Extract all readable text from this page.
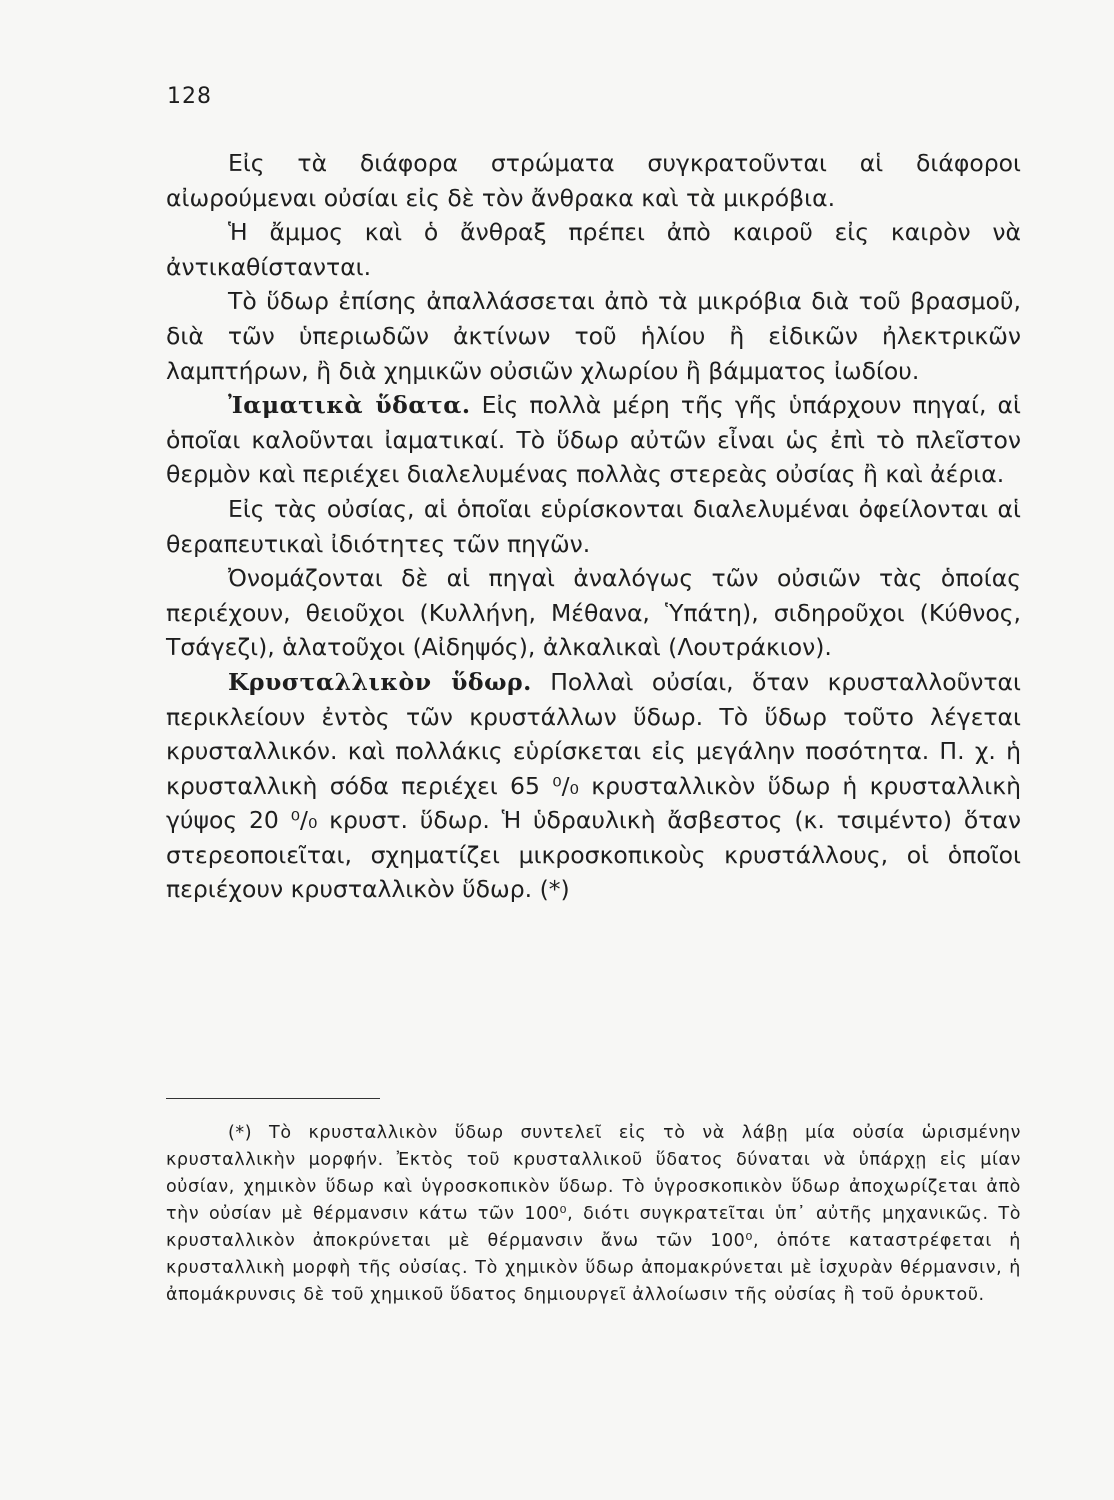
128

Εἰς τὰ διάφορα στρώματα συγκρατοῦνται αἱ διάφοροι αἰωρούμεναι οὐσίαι εἰς δὲ τὸν ἄνθρακα καὶ τὰ μικρόβια.

Ἡ ἄμμος καὶ ὁ ἄνθραξ πρέπει ἀπὸ καιροῦ εἰς καιρὸν νὰ ἀντικαθίστανται.

Τὸ ὕδωρ ἐπίσης ἀπαλλάσσεται ἀπὸ τὰ μικρόβια διὰ τοῦ βρασμοῦ, διὰ τῶν ὑπεριωδῶν ἀκτίνων τοῦ ἡλίου ἢ εἰδικῶν ἠλεκτρικῶν λαμπτήρων, ἢ διὰ χημικῶν οὐσιῶν χλωρίου ἢ βάμματος ἰωδίου.

Ἰαματικὰ ὕδατα. Εἰς πολλὰ μέρη τῆς γῆς ὑπάρχουν πηγαί, αἱ ὁποῖαι καλοῦνται ἰαματικαί. Τὸ ὕδωρ αὐτῶν εἶναι ὡς ἐπὶ τὸ πλεῖστον θερμὸν καὶ περιέχει διαλελυμένας πολλὰς στερεὰς οὐσίας ἢ καὶ ἀέρια.

Εἰς τὰς οὐσίας, αἱ ὁποῖαι εὑρίσκονται διαλελυμέναι ὀφείλονται αἱ θεραπευτικαὶ ἰδιότητες τῶν πηγῶν.

Ὀνομάζονται δὲ αἱ πηγαὶ ἀναλόγως τῶν οὐσιῶν τὰς ὁποίας περιέχουν, θειοῦχοι (Κυλλήνη, Μέθανα, Ὑπάτη), σιδηροῦχοι (Κύθνος, Τσάγεζι), ἁλατοῦχοι (Αἰδηψός), ἀλκαλικαὶ (Λουτράκιον).

Κρυσταλλικὸν ὕδωρ. Πολλαὶ οὐσίαι, ὅταν κρυσταλλοῦνται περικλείουν ἐντὸς τῶν κρυστάλλων ὕδωρ. Τὸ ὕδωρ τοῦτο λέγεται κρυσταλλικόν. καὶ πολλάκις εὑρίσκεται εἰς μεγάλην ποσότητα. Π. χ. ἡ κρυσταλλικὴ σόδα περιέχει 65 ⁰/₀ κρυσταλλικὸν ὕδωρ ἡ κρυσταλλικὴ γύψος 20 ⁰/₀ κρυστ. ὕδωρ. Ἡ ὑδραυλικὴ ἄσβεστος (κ. τσιμέντο) ὅταν στερεοποιεῖται, σχηματίζει μικροσκοπικοὺς κρυστάλλους, οἱ ὁποῖοι περιέχουν κρυσταλλικὸν ὕδωρ. (*)

(*) Τὸ κρυσταλλικὸν ὕδωρ συντελεῖ εἰς τὸ νὰ λάβῃ μία οὐσία ὡρισμένην κρυσταλλικὴν μορφήν. Ἐκτὸς τοῦ κρυσταλλικοῦ ὕδατος δύναται νὰ ὑπάρχῃ εἰς μίαν οὐσίαν, χημικὸν ὕδωρ καὶ ὑγροσκοπικὸν ὕδωρ. Τὸ ὑγροσκοπικὸν ὕδωρ ἀποχωρίζεται ἀπὸ τὴν οὐσίαν μὲ θέρμανσιν κάτω τῶν 100⁰, διότι συγκρατεῖται ὑπ᾿ αὐτῆς μηχανικῶς. Τὸ κρυσταλλικὸν ἀποκρύνεται μὲ θέρμανσιν ἄνω τῶν 100⁰, ὁπότε καταστρέφεται ἡ κρυσταλλικὴ μορφὴ τῆς οὐσίας. Τὸ χημικὸν ὕδωρ ἀπομακρύνεται μὲ ἰσχυρὰν θέρμανσιν, ἡ ἀπομάκρυνσις δὲ τοῦ χημικοῦ ὕδατος δημιουργεῖ ἀλλοίωσιν τῆς οὐσίας ἢ τοῦ ὀρυκτοῦ.
